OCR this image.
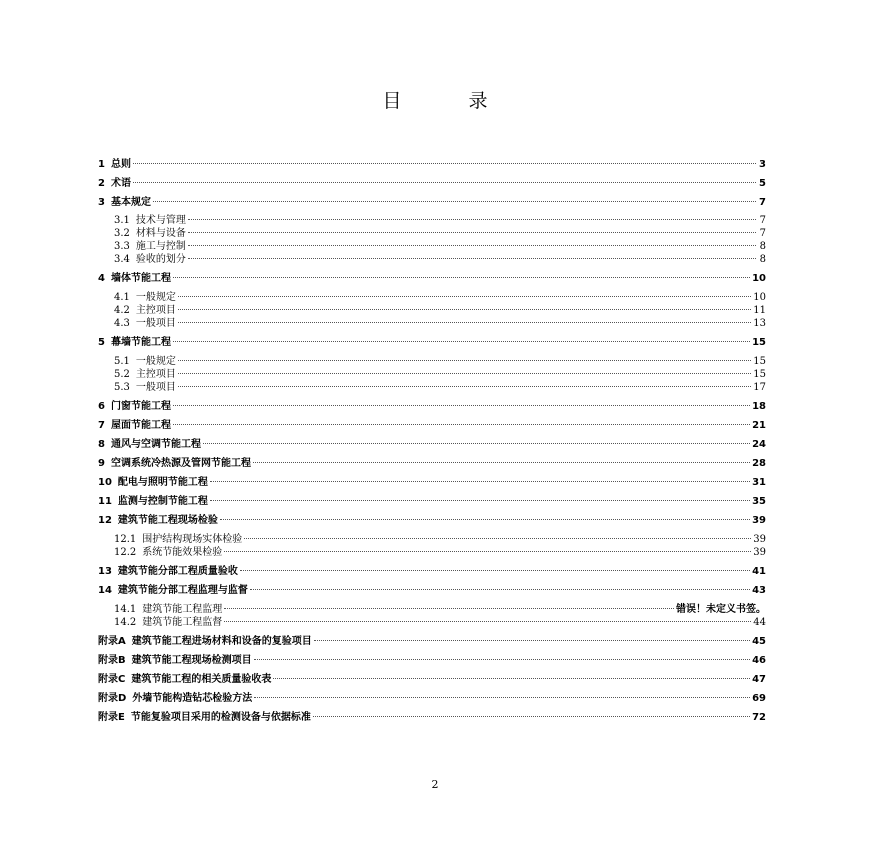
目　录
1 总则	3
2 术语	5
3 基本规定	7
3.1 技术与管理	7
3.2 材料与设备	7
3.3 施工与控制	8
3.4 验收的划分	8
4 墙体节能工程	10
4.1 一般规定	10
4.2 主控项目	11
4.3 一般项目	13
5 幕墙节能工程	15
5.1 一般规定	15
5.2 主控项目	15
5.3 一般项目	17
6 门窗节能工程	18
7 屋面节能工程	21
8 通风与空调节能工程	24
9 空调系统冷热源及管网节能工程	28
10 配电与照明节能工程	31
11 监测与控制节能工程	35
12 建筑节能工程现场检验	39
12.1 围护结构现场实体检验	39
12.2 系统节能效果检验	39
13 建筑节能分部工程质量验收	41
14 建筑节能分部工程监理与监督	43
14.1 建筑节能工程监理	错误！未定义书签。
14.2 建筑节能工程监督	44
附录A 建筑节能工程进场材料和设备的复验项目	45
附录B 建筑节能工程现场检测项目	46
附录C 建筑节能工程的相关质量验收表	47
附录D 外墙节能构造钻芯检验方法	69
附录E 节能复验项目采用的检测设备与依据标准	72
2
